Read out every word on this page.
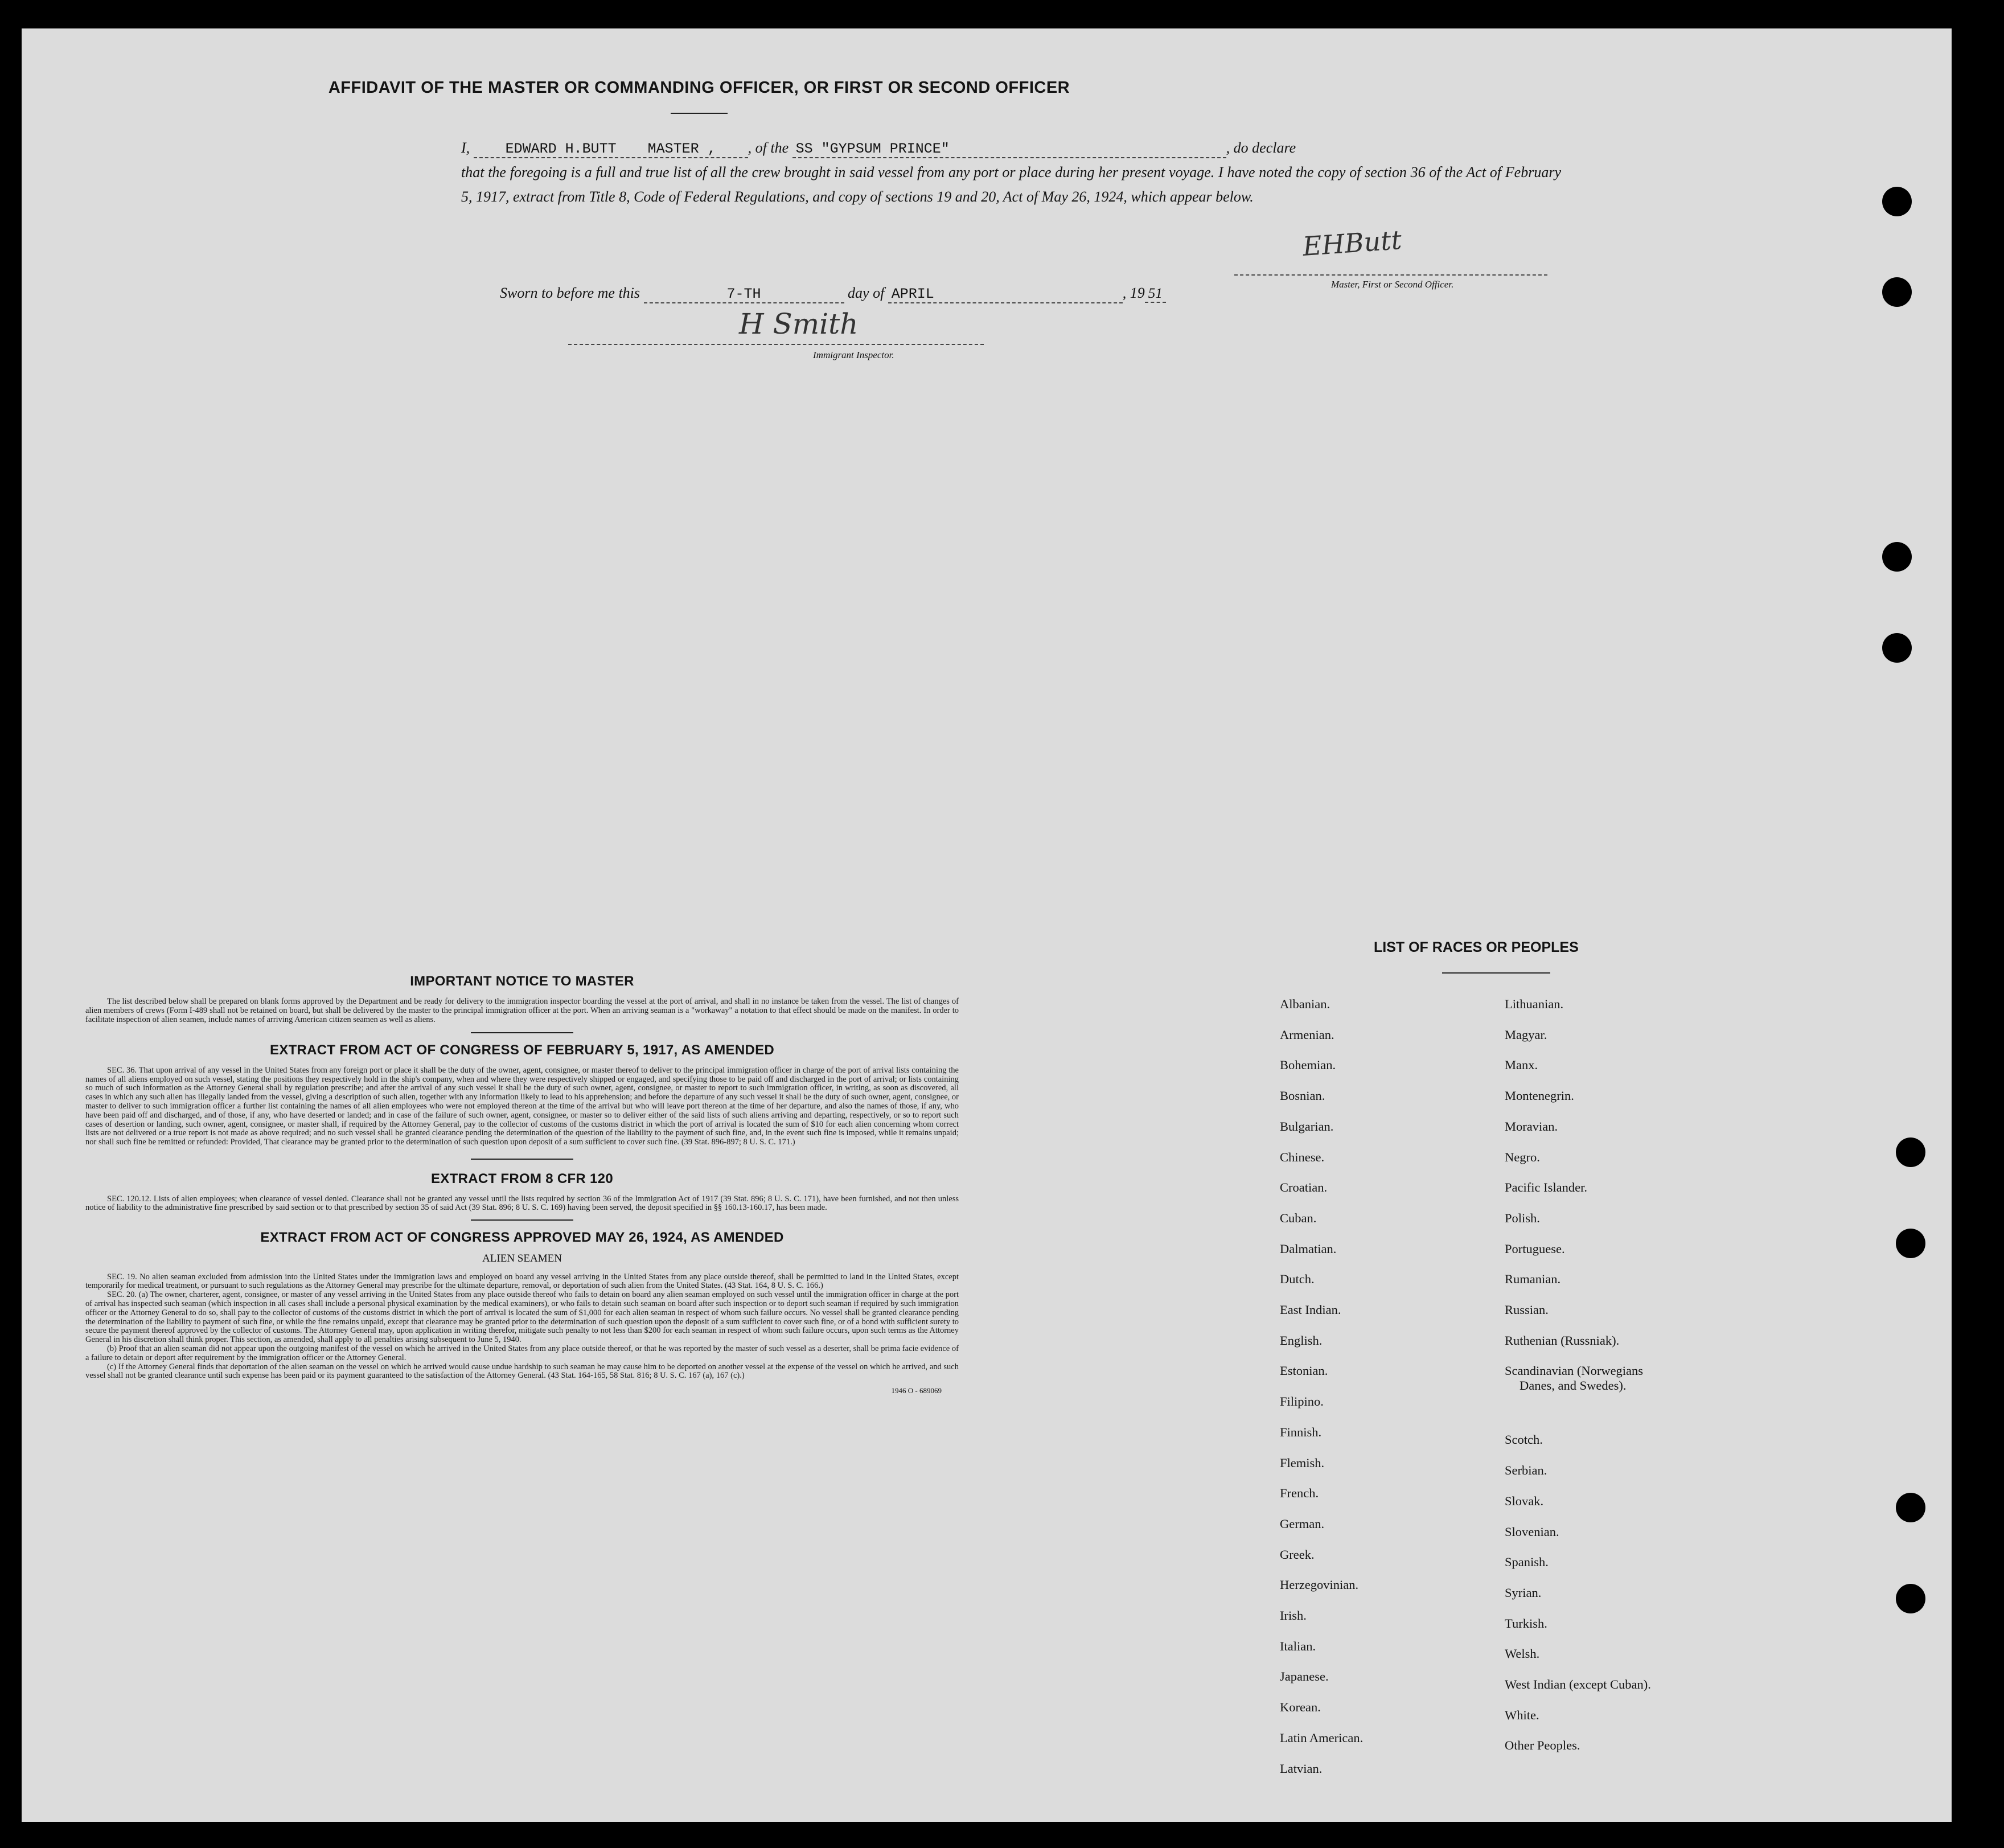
AFFIDAVIT OF THE MASTER OR COMMANDING OFFICER, OR FIRST OR SECOND OFFICER
I, EDWARD H.BUTT MASTER , , of the SS "GYPSUM PRINCE"	, do declare
that the foregoing is a full and true list of all the crew brought in said vessel from any port or place during her present voyage. I have noted the copy of section 36 of the Act of February 5, 1917, extract from Title 8, Code of Federal Regulations, and copy of sections 19 and 20, Act of May 26, 1924, which appear below.
EHButt
Master, First or Second Officer.
Sworn to before me this	7-TH	day of APRIL	, 19 51
H Smith
Immigrant Inspector.
IMPORTANT NOTICE TO MASTER

The list described below shall be prepared on blank forms approved by the Department and be ready for delivery to the immigration inspector boarding the vessel at the port of arrival, and shall in no instance be taken from the vessel. The list of changes of alien members of crews (Form I-489 shall not be retained on board, but shall be delivered by the master to the principal immigration officer at the port. When an arriving seaman is a "workaway" a notation to that effect should be made on the manifest. In order to facilitate inspection of alien seamen, include names of arriving American citizen seamen as well as aliens.

EXTRACT FROM ACT OF CONGRESS OF FEBRUARY 5, 1917, AS AMENDED

SEC. 36. That upon arrival of any vessel in the United States from any foreign port or place it shall be the duty of the owner, agent, consignee, or master thereof to deliver to the principal immigration officer in charge of the port of arrival lists containing the names of all aliens employed on such vessel, stating the positions they respectively hold in the ship's company, when and where they were respectively shipped or engaged, and specifying those to be paid off and discharged in the port of arrival; or lists containing so much of such information as the Attorney General shall by regulation prescribe; and after the arrival of any such vessel it shall be the duty of such owner, agent, consignee, or master to report to such immigration officer, in writing, as soon as discovered, all cases in which any such alien has illegally landed from the vessel, giving a description of such alien, together with any information likely to lead to his apprehension; and before the departure of any such vessel it shall be the duty of such owner, agent, consignee, or master to deliver to such immigration officer a further list containing the names of all alien employees who were not employed thereon at the time of the arrival but who will leave port thereon at the time of her departure, and also the names of those, if any, who have been paid off and discharged, and of those, if any, who have deserted or landed; and in case of the failure of such owner, agent, consignee, or master so to deliver either of the said lists of such aliens arriving and departing, respectively, or so to report such cases of desertion or landing, such owner, agent, consignee, or master shall, if required by the Attorney General, pay to the collector of customs of the customs district in which the port of arrival is located the sum of $10 for each alien concerning whom correct lists are not delivered or a true report is not made as above required; and no such vessel shall be granted clearance pending the determination of the question of the liability to the payment of such fine, and, in the event such fine is imposed, while it remains unpaid; nor shall such fine be remitted or refunded: Provided, That clearance may be granted prior to the determination of such question upon deposit of a sum sufficient to cover such fine. (39 Stat. 896-897; 8 U. S. C. 171.)

EXTRACT FROM 8 CFR 120

SEC. 120.12. Lists of alien employees; when clearance of vessel denied. Clearance shall not be granted any vessel until the lists required by section 36 of the Immigration Act of 1917 (39 Stat. 896; 8 U. S. C. 171), have been furnished, and not then unless notice of liability to the administrative fine prescribed by said section or to that prescribed by section 35 of said Act (39 Stat. 896; 8 U. S. C. 169) having been served, the deposit specified in §§ 160.13-160.17, has been made.

EXTRACT FROM ACT OF CONGRESS APPROVED MAY 26, 1924, AS AMENDED
ALIEN SEAMEN

SEC. 19. No alien seaman excluded from admission into the United States under the immigration laws and employed on board any vessel arriving in the United States from any place outside thereof, shall be permitted to land in the United States, except temporarily for medical treatment, or pursuant to such regulations as the Attorney General may prescribe for the ultimate departure, removal, or deportation of such alien from the United States. (43 Stat. 164, 8 U. S. C. 166.)

SEC. 20. (a) The owner, charterer, agent, consignee, or master of any vessel arriving in the United States from any place outside thereof who fails to detain on board any alien seaman employed on such vessel until the immigration officer in charge at the port of arrival has inspected such seaman (which inspection in all cases shall include a personal physical examination by the medical examiners), or who fails to detain such seaman on board after such inspection or to deport such seaman if required by such immigration officer or the Attorney General to do so, shall pay to the collector of customs of the customs district in which the port of arrival is located the sum of $1,000 for each alien seaman in respect of whom such failure occurs. No vessel shall be granted clearance pending the determination of the liability to payment of such fine, or while the fine remains unpaid, except that clearance may be granted prior to the determination of such question upon the deposit of a sum sufficient to cover such fine, or of a bond with sufficient surety to secure the payment thereof approved by the collector of customs. The Attorney General may, upon application in writing therefor, mitigate such penalty to not less than $200 for each seaman in respect of whom such failure occurs, upon such terms as the Attorney General in his discretion shall think proper. This section, as amended, shall apply to all penalties arising subsequent to June 5, 1940.

(b) Proof that an alien seaman did not appear upon the outgoing manifest of the vessel on which he arrived in the United States from any place outside thereof, or that he was reported by the master of such vessel as a deserter, shall be prima facie evidence of a failure to detain or deport after requirement by the immigration officer or the Attorney General.

(c) If the Attorney General finds that deportation of the alien seaman on the vessel on which he arrived would cause undue hardship to such seaman he may cause him to be deported on another vessel at the expense of the vessel on which he arrived, and such vessel shall not be granted clearance until such expense has been paid or its payment guaranteed to the satisfaction of the Attorney General. (43 Stat. 164-165, 58 Stat. 816; 8 U. S. C. 167 (a), 167 (c).)

1946 O - 689069
LIST OF RACES OR PEOPLES
Albanian.
Armenian.
Bohemian.
Bosnian.
Bulgarian.
Chinese.
Croatian.
Cuban.
Dalmatian.
Dutch.
East Indian.
English.
Estonian.
Filipino.
Finnish.
Flemish.
French.
German.
Greek.
Herzegovinian.
Irish.
Italian.
Japanese.
Korean.
Latin American.
Latvian.
Lithuanian.
Magyar.
Manx.
Montenegrin.
Moravian.
Negro.
Pacific Islander.
Polish.
Portuguese.
Rumanian.
Russian.
Ruthenian (Russniak).
Scandinavian (Norwegians
Danes, and Swedes).
Scotch.
Serbian.
Slovak.
Slovenian.
Spanish.
Syrian.
Turkish.
Welsh.
West Indian (except Cuban).
White.
Other Peoples.
